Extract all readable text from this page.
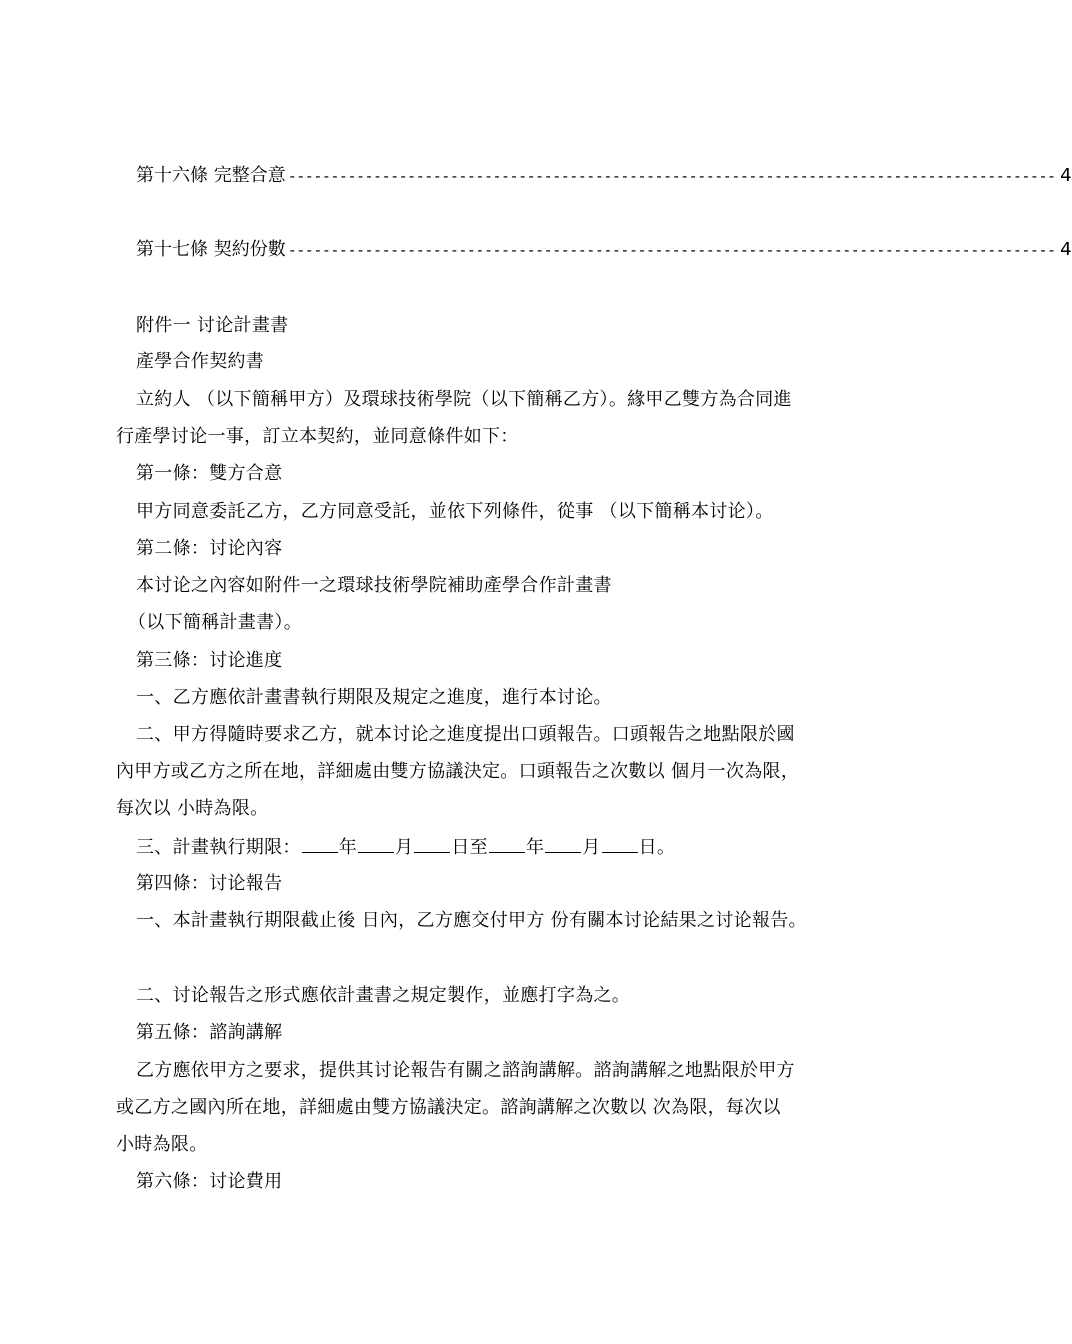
第十六條 完整合意 ------------------------------------------------------------------------------------------ 4
第十七條 契約份數 ------------------------------------------------------------------------------------------ 4
附件一 讨论計畫書
產學合作契約書
立約人 （以下簡稱甲方）及環球技術學院（以下簡稱乙方）。緣甲乙雙方為合同進
行產學讨论一事，訂立本契約，並同意條件如下：
第一條：雙方合意
甲方同意委託乙方，乙方同意受託，並依下列條件，從事 （以下簡稱本讨论）。
第二條：讨论內容
本讨论之內容如附件一之環球技術學院補助產學合作計畫書
（以下簡稱計畫書）。
第三條：讨论進度
一、乙方應依計畫書執行期限及規定之進度，進行本讨论。
二、甲方得隨時要求乙方，就本讨论之進度提出口頭報告。口頭報告之地點限於國
內甲方或乙方之所在地，詳細處由雙方協議決定。口頭報告之次數以 個月一次為限，
每次以 小時為限。
三、計畫執行期限： 年 月 日至 年 月 日。
第四條：讨论報告
一、本計畫執行期限截止後 日內，乙方應交付甲方 份有關本讨论結果之讨论報告。
二、讨论報告之形式應依計畫書之規定製作，並應打字為之。
第五條：諮詢講解
乙方應依甲方之要求，提供其讨论報告有關之諮詢講解。諮詢講解之地點限於甲方
或乙方之國內所在地，詳細處由雙方協議決定。諮詢講解之次數以 次為限，每次以
小時為限。
第六條：讨论費用
